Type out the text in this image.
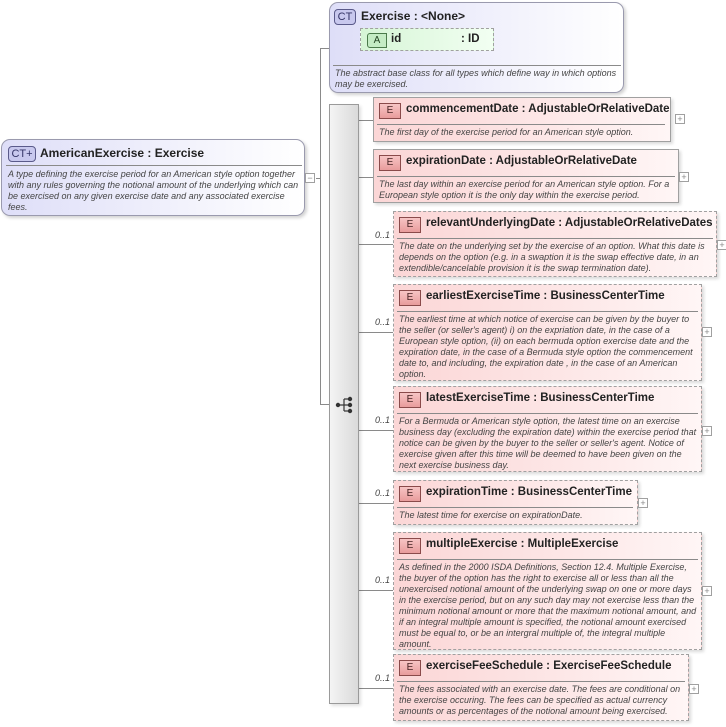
CT+ AmericanExercise : Exercise
A type defining the exercise period for an American style option together with any rules governing the notional amount of the underlying which can be exercised on any given exercise date and any associated exercise fees.
−
CT Exercise : <None>
A id	: ID
The abstract base class for all types which define way in which options may be exercised.
E	commencementDate : AdjustableOrRelativeDate
The first day of the exercise period for an American style option.
+
E	expirationDate : AdjustableOrRelativeDate
The last day within an exercise period for an American style option. For a European style option it is the only day within the exercise period.
+
0..1
E	relevantUnderlyingDate : AdjustableOrRelativeDates
The date on the underlying set by the exercise of an option. What this date is depends on the option (e.g. in a swaption it is the swap effective date, in an extendible/cancelable provision it is the swap termination date).
+
0..1
E	earliestExerciseTime : BusinessCenterTime
The earliest time at which notice of exercise can be given by the buyer to the seller (or seller's agent) i) on the expriation date, in the case of a European style option, (ii) on each bermuda option exercise date and the expiration date, in the case of a Bermuda style option the commencement date to, and including, the expiration date , in the case of an American option.
+
0..1
E	latestExerciseTime : BusinessCenterTime
For a Bermuda or American style option, the latest time on an exercise business day (excluding the expiration date) within the exercise period that notice can be given by the buyer to the seller or seller's agent. Notice of exercise given after this time will be deemed to have been given on the next exercise business day.
+
0..1	E	expirationTime : BusinessCenterTime
The latest time for exercise on expirationDate.
+
0..1
E	multipleExercise : MultipleExercise
As defined in the 2000 ISDA Definitions, Section 12.4. Multiple Exercise, the buyer of the option has the right to exercise all or less than all the unexercised notional amount of the underlying swap on one or more days in the exercise period, but on any such day may not exercise less than the minimum notional amount or more that the maximum notional amount, and if an integral multiple amount is specified, the notional amount exercised must be equal to, or be an intergral multiple of, the integral multiple amount.
+
0..1
E	exerciseFeeSchedule : ExerciseFeeSchedule
The fees associated with an exercise date. The fees are conditional on the exercise occuring. The fees can be specified as actual currency amounts or as percentages of the notional amount being exercised.
+
